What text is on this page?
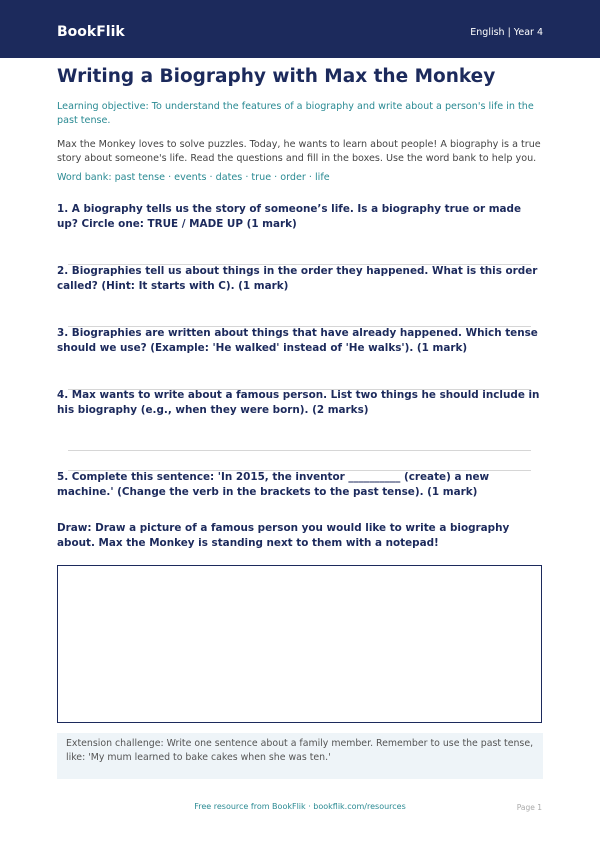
BookFlik	English | Year 4
Writing a Biography with Max the Monkey
Learning objective: To understand the features of a biography and write about a person's life in the past tense.
Max the Monkey loves to solve puzzles. Today, he wants to learn about people! A biography is a true story about someone's life. Read the questions and fill in the boxes. Use the word bank to help you.
Word bank: past tense · events · dates · true · order · life
1. A biography tells us the story of someone’s life. Is a biography true or made up? Circle one: TRUE / MADE UP (1 mark)
2. Biographies tell us about things in the order they happened. What is this order called? (Hint: It starts with C). (1 mark)
3. Biographies are written about things that have already happened. Which tense should we use? (Example: 'He walked' instead of 'He walks'). (1 mark)
4. Max wants to write about a famous person. List two things he should include in his biography (e.g., when they were born). (2 marks)
5. Complete this sentence: 'In 2015, the inventor __________ (create) a new machine.' (Change the verb in the brackets to the past tense). (1 mark)
Draw: Draw a picture of a famous person you would like to write a biography about. Max the Monkey is standing next to them with a notepad!
Extension challenge: Write one sentence about a family member. Remember to use the past tense, like: 'My mum learned to bake cakes when she was ten.'
Free resource from BookFlik · bookflik.com/resources	Page 1
